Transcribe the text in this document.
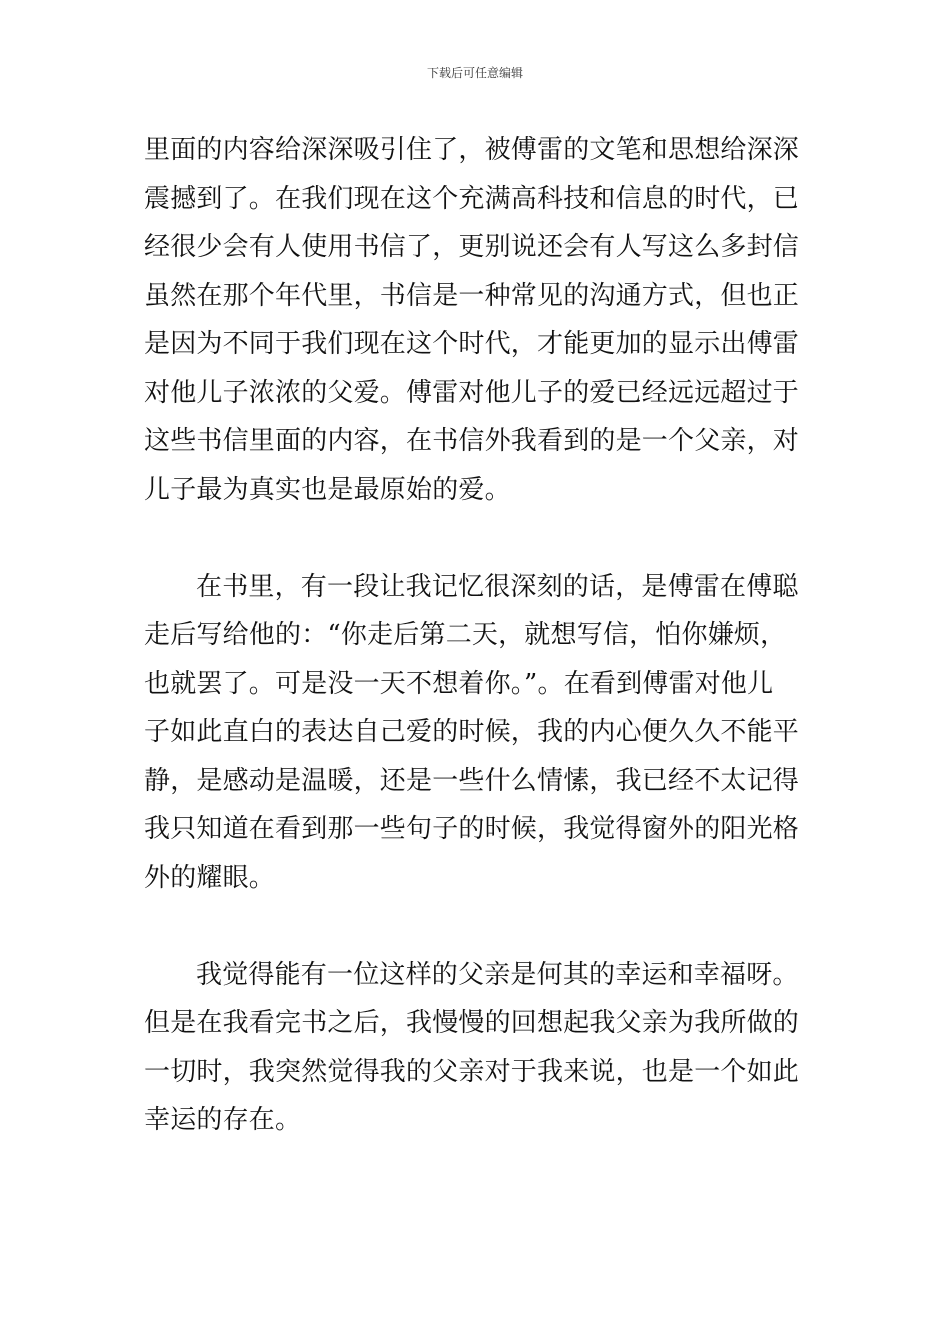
下载后可任意编辑
里面的内容给深深吸引住了，被傅雷的文笔和思想给深深
震撼到了。在我们现在这个充满高科技和信息的时代，已
经很少会有人使用书信了，更别说还会有人写这么多封信
虽然在那个年代里，书信是一种常见的沟通方式，但也正
是因为不同于我们现在这个时代，才能更加的显示出傅雷
对他儿子浓浓的父爱。傅雷对他儿子的爱已经远远超过于
这些书信里面的内容，在书信外我看到的是一个父亲，对
儿子最为真实也是最原始的爱。
在书里，有一段让我记忆很深刻的话，是傅雷在傅聪
走后写给他的：“你走后第二天，就想写信，怕你嫌烦，
也就罢了。可是没一天不想着你。”。在看到傅雷对他儿
子如此直白的表达自己爱的时候，我的内心便久久不能平
静，是感动是温暖，还是一些什么情愫，我已经不太记得
我只知道在看到那一些句子的时候，我觉得窗外的阳光格
外的耀眼。
我觉得能有一位这样的父亲是何其的幸运和幸福呀。
但是在我看完书之后，我慢慢的回想起我父亲为我所做的
一切时，我突然觉得我的父亲对于我来说，也是一个如此
幸运的存在。
